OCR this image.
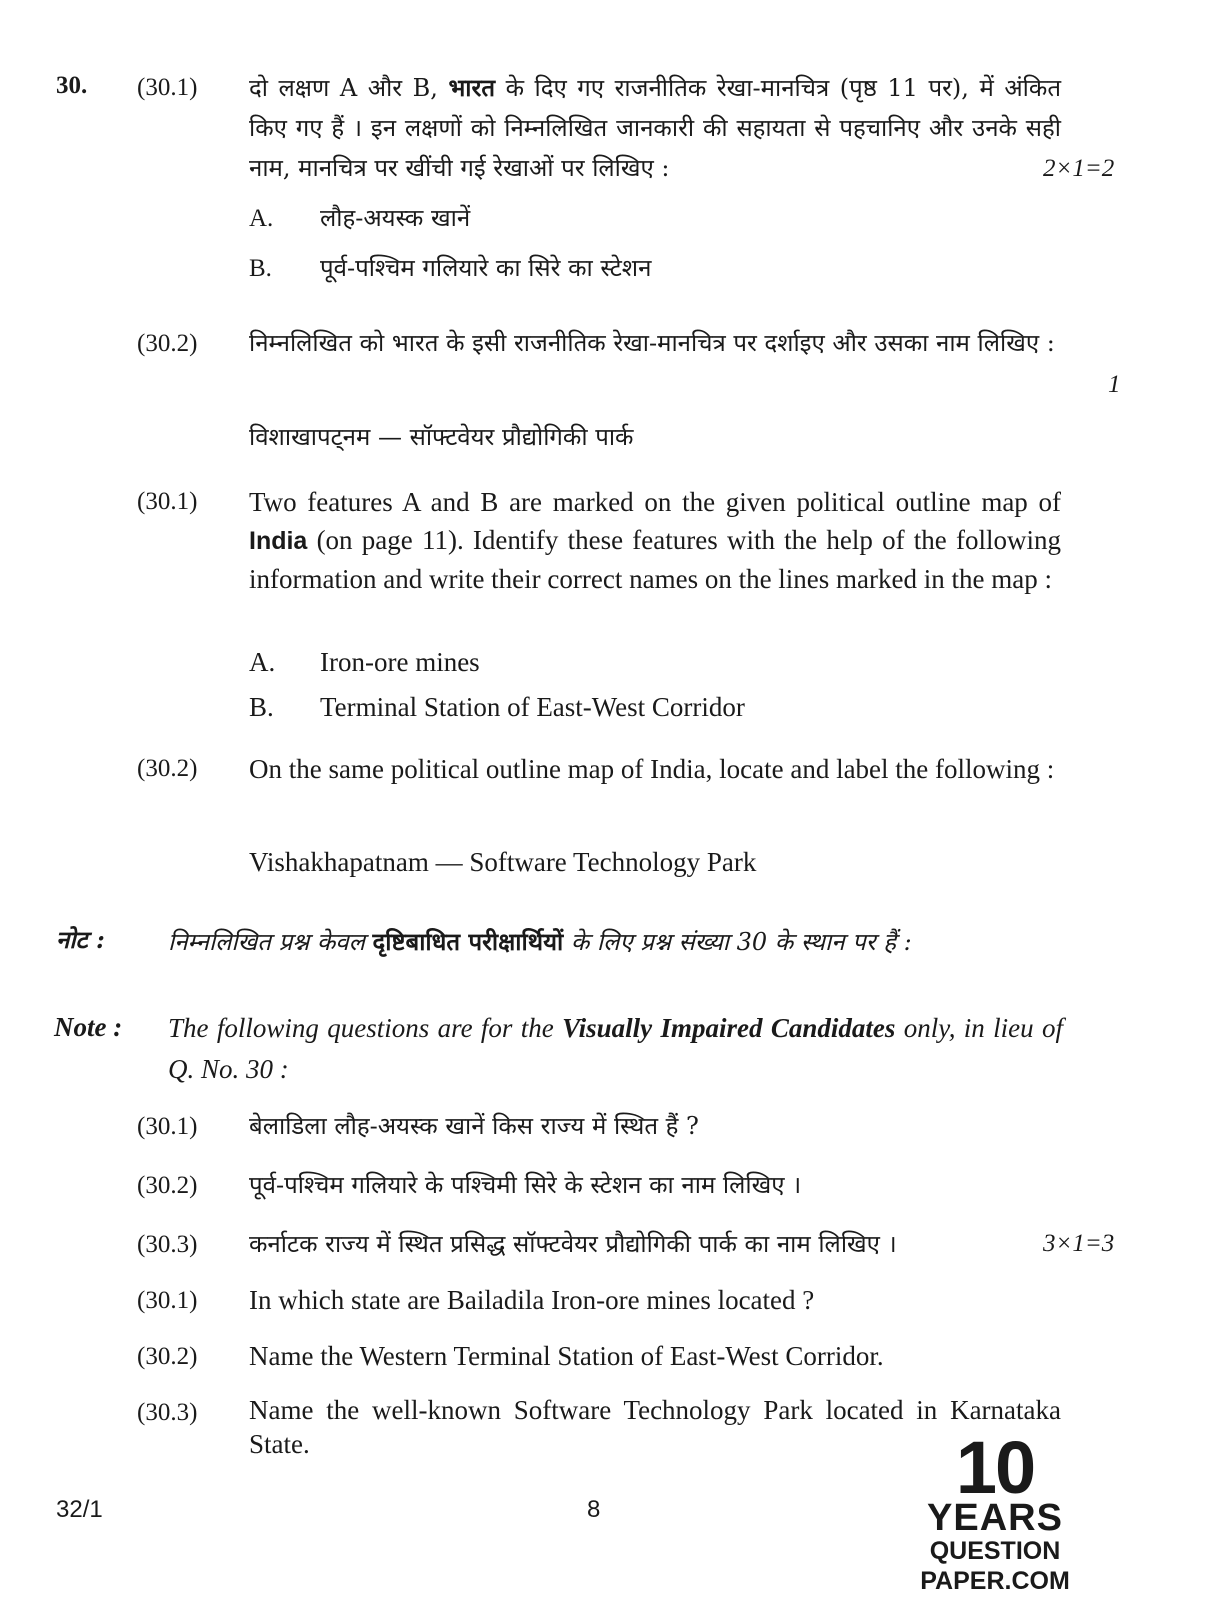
30. (30.1) दो लक्षण A और B, भारत के दिए गए राजनीतिक रेखा-मानचित्र (पृष्ठ 11 पर), में अंकित किए गए हैं । इन लक्षणों को निम्नलिखित जानकारी की सहायता से पहचानिए और उनके सही नाम, मानचित्र पर खींची गई रेखाओं पर लिखिए :	2×1=2
A. लौह-अयस्क खानें
B. पूर्व-पश्चिम गलियारे का सिरे का स्टेशन
(30.2) निम्नलिखित को भारत के इसी राजनीतिक रेखा-मानचित्र पर दर्शाइए और उसका नाम लिखिए :
1
विशाखापट्नम — सॉफ्टवेयर प्रौद्योगिकी पार्क
(30.1) Two features A and B are marked on the given political outline map of India (on page 11). Identify these features with the help of the following information and write their correct names on the lines marked in the map :
A. Iron-ore mines
B. Terminal Station of East-West Corridor
(30.2) On the same political outline map of India, locate and label the following :
Vishakhapatnam — Software Technology Park
नोट :	निम्नलिखित प्रश्न केवल दृष्टिबाधित परीक्षार्थियों के लिए प्रश्न संख्या 30 के स्थान पर हैं :
Note : The following questions are for the Visually Impaired Candidates only, in lieu of Q. No. 30 :
(30.1) बेलाडिला लौह-अयस्क खानें किस राज्य में स्थित हैं ?
(30.2) पूर्व-पश्चिम गलियारे के पश्चिमी सिरे के स्टेशन का नाम लिखिए ।
(30.3) कर्नाटक राज्य में स्थित प्रसिद्ध सॉफ्टवेयर प्रौद्योगिकी पार्क का नाम लिखिए ।	3×1=3
(30.1) In which state are Bailadila Iron-ore mines located ?
(30.2) Name the Western Terminal Station of East-West Corridor.
(30.3) Name the well-known Software Technology Park located in Karnataka State.
32/1	8
10
YEARS
QUESTION PAPER.COM
